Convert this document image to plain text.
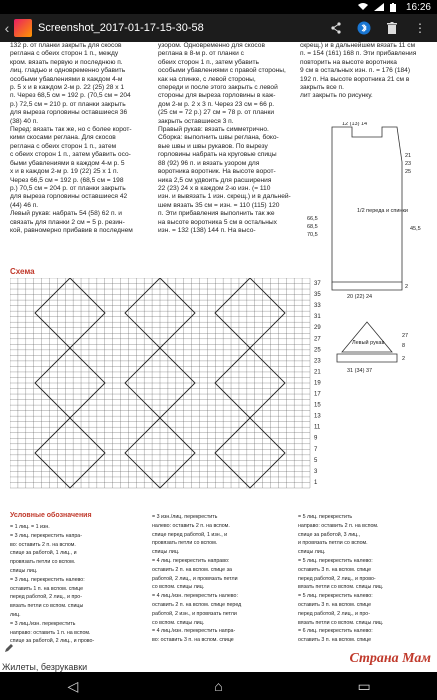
16:26
‹	Screenshot_2017-01-17-15-30-58	⋮

132 р. от планки закрыть для скосов

реглана с обеих сторон 1 п., между

кром. вязать первую и последнюю п.

лиц. гладью и одновременно убавить

особыми убавлениями в каждом 4-м

р. 5 х и в каждом 2-м р. 22 (25) 28 х 1

п. Через 68,5 см = 192 р. (70,5 см = 204

р.) 72,5 см = 210 р. от планки закрыть

для выреза горловины оставшиеся 36

(38) 40 п.

Перед: вязать так же, но с более корот-

кими скосами реглана. Для скосов

реглана с обеих сторон 1 п., затем

с обеих сторон 1 п., затем убавить осо-

быми убавлениями в каждом 4-м р. 5

х и в каждом 2-м р. 19 (22) 25 х 1 п.

Через 66,5 см = 192 р. (68,5 см = 198

р.) 70,5 см = 204 р. от планки закрыть

для выреза горловины оставшиеся 42

(44) 46 п.

Левый рукав: набрать 54 (58) 62 п. и

связать для планки 2 см = 5 р. резин-

кой, равномерно прибавив в последнем

узором. Одновременно для скосов

реглана в 8-м р. от планки с

обеих сторон 1 п., затем убавить

особыми убавлениями с правой стороны,

как на спинке, с левой стороны,

спереди и после этого закрыть с левой

стороны для выреза горловины в каж-

дом 2-м р. 2 х 3 п. Через 23 см = 66 р.

(25 см = 72 р.) 27 см = 78 р. от планки

закрыть оставшиеся 3 п.

Правый рукав: вязать симметрично.

Сборка: выполнить швы реглана, боко-

вые швы и швы рукавов. По вырезу

горловины набрать на круговые спицы

88 (92) 96 п. и вязать узором для

воротника воротник. На высоте ворот-

ника 2,5 см удвоить для расширения

22 (23) 24 х в каждом 2-ю изн. (= 110

изн. и вывязать 1 изн. скрещ.) и в дальней-

шем вязать 35 см = изн. = 110 (115) 120

п. Эти прибавления выполнить так же

на высоте воротника 5 см в остальных

изн. = 132 (138) 144 п. На высо-

скрещ.) и в дальнейшем вязать 11 см

п. = 154 (161) 168 п. Эти прибавления

повторить на высоте воротника

9 см в остальных изн. п. = 176 (184)

192 п. На высоте воротника 21 см в

закрыть все п.

лит закрыть по рисунку.

1/2 переда и спинки
Левый рукав
12 (13) 14
21
23
25
66,5
68,5
70,5
45,5
2
20 (22) 24
27
31 (34) 37
8
2
Схема
37
35
33
31
29
27
25
23
21
19
17
15
13
11
9
7
5
3
1
Условные обозначения

= 1 лиц. = 1 изн.

= 3 лиц. перекрестить напра-

во: оставить 2 п. на вспом.

спице за работой, 1 лиц., и

провязать петли со вспом.

спицы лиц.

= 3 лиц. перекрестить налево:

оставить 1 п. на вспом. спице

перед работой, 2 лиц., и про-

вязать петли со вспом. спицы

лиц.

= 3 лиц./изн. перекрестить

направо: оставить 1 п. на вспом.

спице за работой, 2 лиц., и прово-

= 3 изн./лиц. перекрестить

налево: оставить 2 п. на вспом.

спице перед работой, 1 изн., и

провязать петли со вспом.

спицы лиц.

= 4 лиц. перекрестить направо:

оставить 2 п. на вспом. спице за

работой, 2 лиц., и провязать петли

со вспом. спицы лиц.

= 4 лиц./изн. перекрестить налево:

оставить 2 п. на вспом. спице перед

работой, 2 изн., и провязать петли

со вспом. спицы лиц.

= 4 лиц./изн. перекрестить напра-

во: оставить 3 п. на вспом. спице

= 5 лиц. перекрестить

направо: оставить 2 п. на вспом.

спице за работой, 3 лиц.,

и провязать петли со вспом.

спицы лиц.

= 5 лиц. перекрестить налево:

оставить 3 п. на вспом. спице

перед работой, 2 лиц., и прово-

вязать петли со вспом. спицы лиц.

= 5 лиц. перекрестить налево:

оставить 3 п. на вспом. спице

перед работой, 2 лиц., и про-

вязать петли со вспом. спицы лиц.

= 6 лиц. перекрестить налево:

оставить 3 п. на вспом. спице

Жилеты, безрукавки
Страна Мам
◁	⌂	▭
